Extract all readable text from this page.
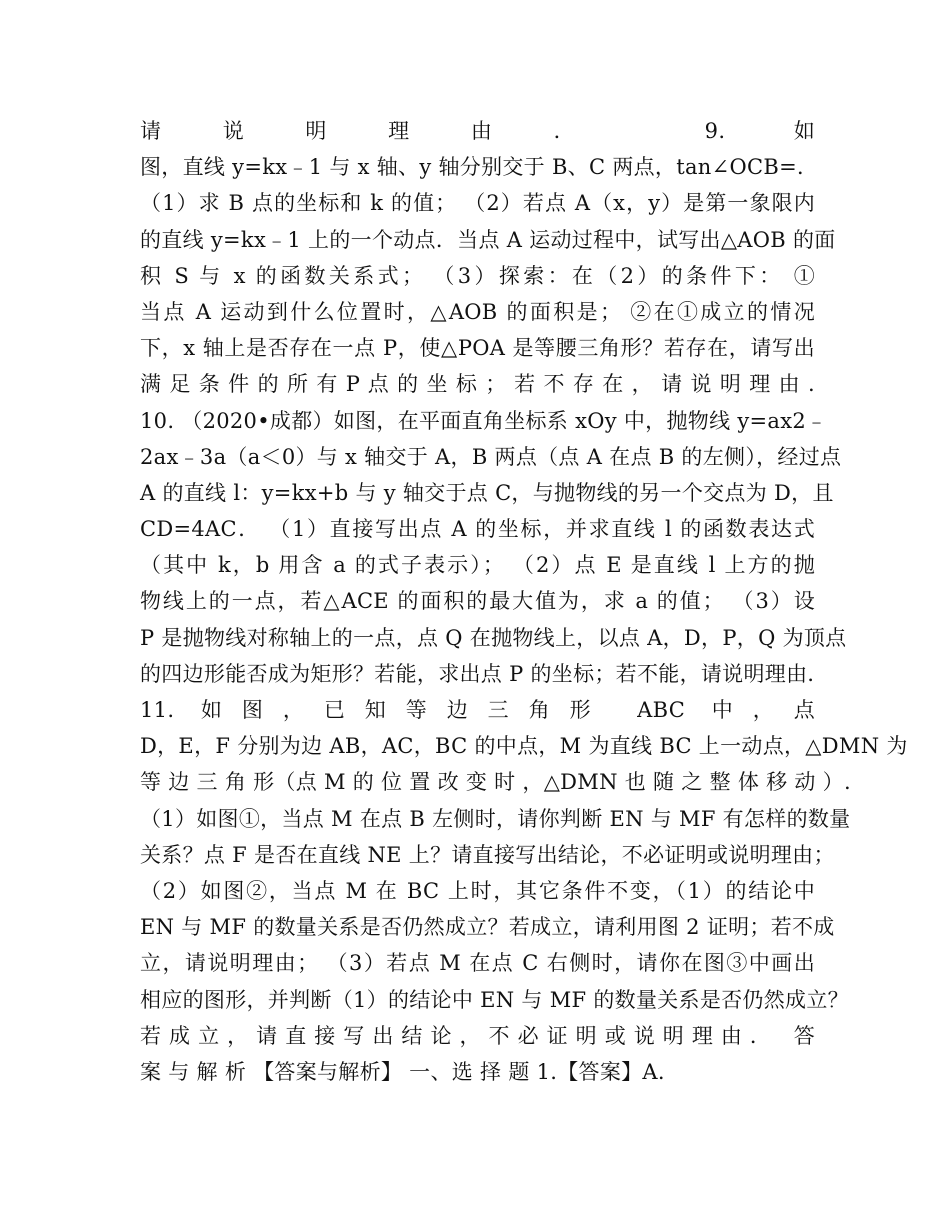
请说明理由． 9. 如
图，直线 y=kx﹣1 与 x 轴、y 轴分别交于 B、C 两点，tan∠OCB=．
（1）求 B 点的坐标和 k 的值； （2）若点 A（x，y）是第一象限内
的直线 y=kx﹣1 上的一个动点．当点 A 运动过程中，试写出△AOB 的面
积 S 与 x 的函数关系式； （3）探索：在（2）的条件下： ①
当点 A 运动到什么位置时，△AOB 的面积是； ②在①成立的情况
下，x 轴上是否存在一点 P，使△POA 是等腰三角形？若存在，请写出
满 足 条 件 的 所 有 P 点 的 坐 标 ； 若 不 存 在 ， 请 说 明 理 由 .
10. （2020•成都）如图，在平面直角坐标系 xOy 中，抛物线 y=ax2﹣
2ax﹣3a（a＜0）与 x 轴交于 A，B 两点（点 A 在点 B 的左侧），经过点
A 的直线 l：y=kx+b 与 y 轴交于点 C，与抛物线的另一个交点为 D，且
CD=4AC． （1）直接写出点 A 的坐标，并求直线 l 的函数表达式
（其中 k，b 用含 a 的式子表示）； （2）点 E 是直线 l 上方的抛
物线上的一点，若△ACE 的面积的最大值为，求 a 的值； （3）设
P 是抛物线对称轴上的一点，点 Q 在抛物线上，以点 A，D，P，Q 为顶点
的四边形能否成为矩形？若能，求出点 P 的坐标；若不能，请说明理由．
11. 如图，已知等边三角形 ABC 中，点
D，E，F 分别为边 AB，AC，BC 的中点，M 为直线 BC 上一动点，△DMN 为
等 边 三 角 形（点 M 的 位 置 改 变 时 ，△DMN 也 随 之 整 体 移 动 ）.
（1）如图①，当点 M 在点 B 左侧时，请你判断 EN 与 MF 有怎样的数量
关系？点 F 是否在直线 NE 上？请直接写出结论，不必证明或说明理由；
（2）如图②，当点 M 在 BC 上时，其它条件不变，（1）的结论中
EN 与 MF 的数量关系是否仍然成立？若成立，请利用图 2 证明；若不成
立，请说明理由； （3）若点 M 在点 C 右侧时，请你在图③中画出
相应的图形，并判断（1）的结论中 EN 与 MF 的数量关系是否仍然成立？
若成立，请直接写出结论，不必证明或说明理由． 答
案 与 解 析 【答案与解析】 一、选 择 题 1.【答案】A.
